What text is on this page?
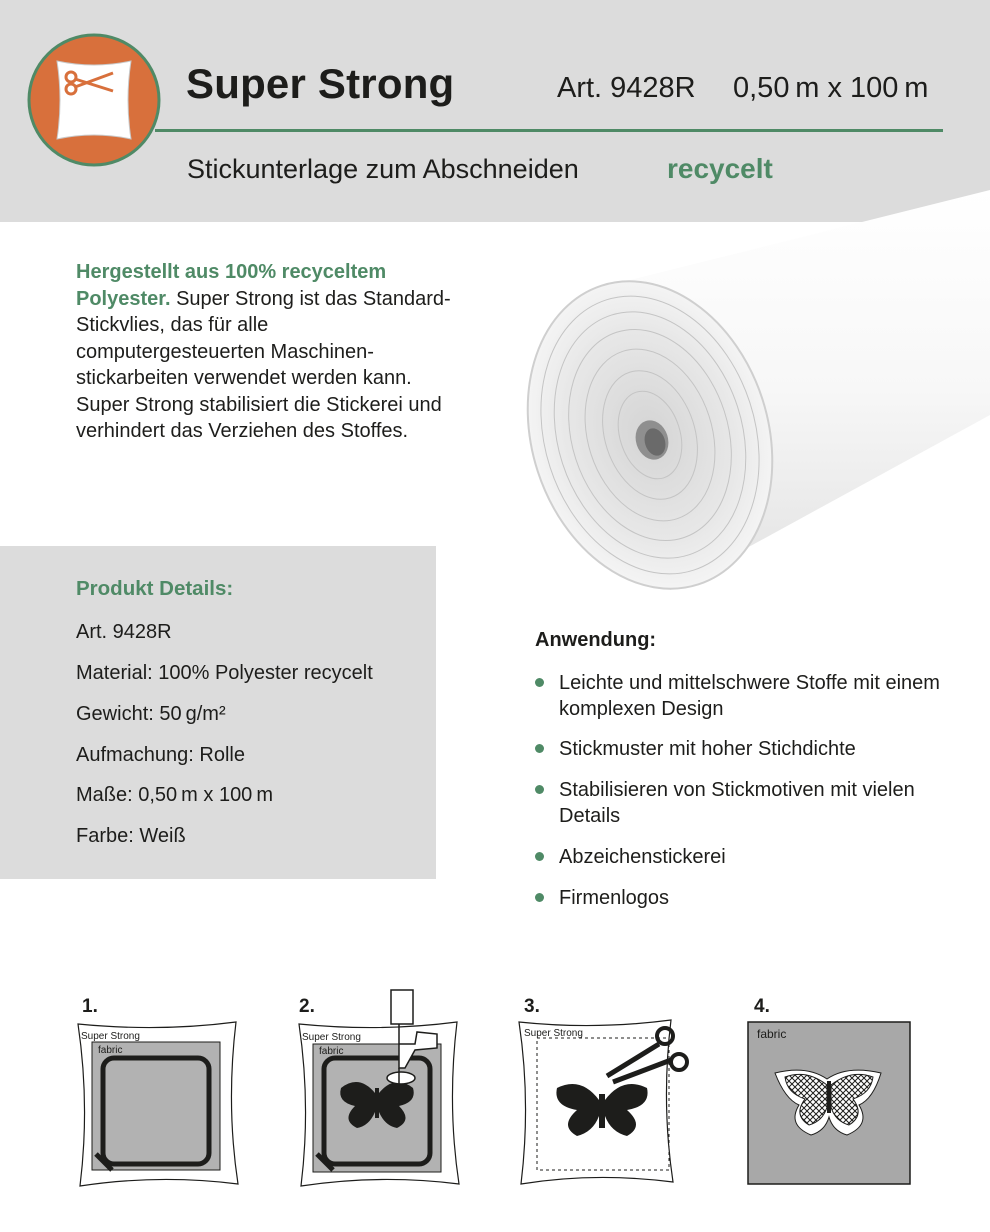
Super Strong	Art. 9428R 0,50 m x 100 m
Stickunterlage zum Abschneiden	recycelt
Hergestellt aus 100% recyceltem Polyester. Super Strong ist das Standard-Stickvlies, das für alle computergesteuerten Maschinenstickarbeiten verwendet werden kann. Super Strong stabilisiert die Stickerei und verhindert das Verziehen des Stoffes.
Produkt Details:
Art. 9428R
Material: 100% Polyester recycelt
Gewicht: 50 g/m²
Aufmachung: Rolle
Maße: 0,50 m x 100 m
Farbe: Weiß
Anwendung:
Leichte und mittelschwere Stoffe mit einem komplexen Design
Stickmuster mit hoher Stichdichte
Stabilisieren von Stickmotiven mit vielen Details
Abzeichenstickerei
Firmenlogos
1.
Super Strong
fabric
2.
Super Strong
fabric
3.
Super Strong
4.
fabric
